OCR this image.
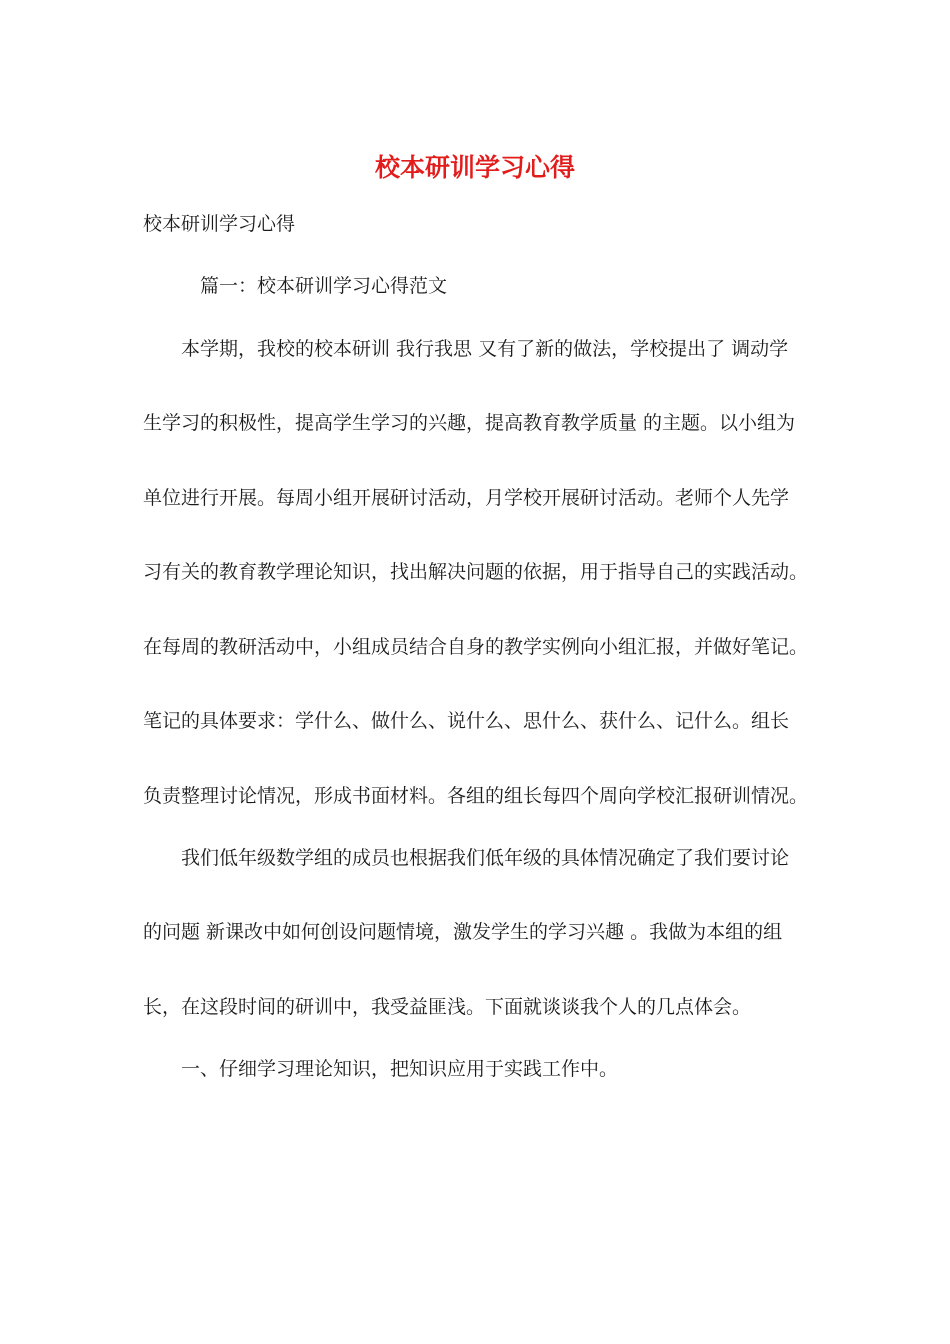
校本研训学习心得
校本研训学习心得
篇一：校本研训学习心得范文
本学期，我校的校本研训 我行我思 又有了新的做法，学校提出了 调动学
生学习的积极性，提高学生学习的兴趣，提高教育教学质量 的主题。以小组为
单位进行开展。每周小组开展研讨活动，月学校开展研讨活动。老师个人先学
习有关的教育教学理论知识，找出解决问题的依据，用于指导自己的实践活动。
在每周的教研活动中，小组成员结合自身的教学实例向小组汇报，并做好笔记。
笔记的具体要求：学什么、做什么、说什么、思什么、获什么、记什么。组长
负责整理讨论情况，形成书面材料。各组的组长每四个周向学校汇报研训情况。
我们低年级数学组的成员也根据我们低年级的具体情况确定了我们要讨论
的问题 新课改中如何创设问题情境，激发学生的学习兴趣 。我做为本组的组
长，在这段时间的研训中，我受益匪浅。下面就谈谈我个人的几点体会。
一、仔细学习理论知识，把知识应用于实践工作中。
